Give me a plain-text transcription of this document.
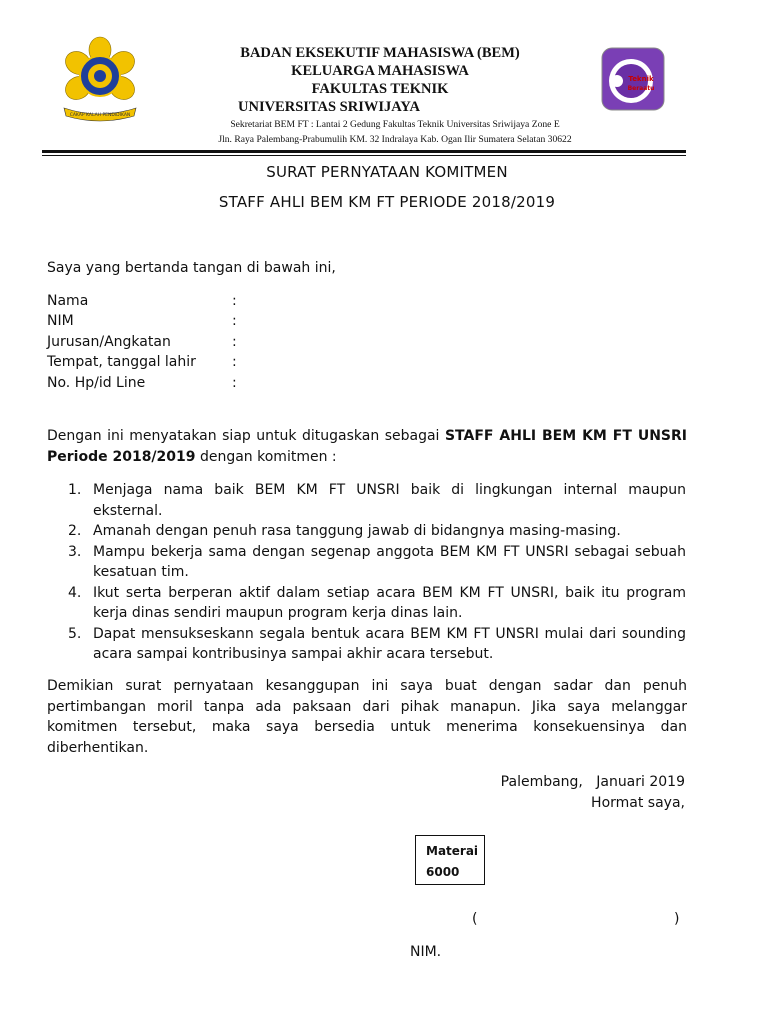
CAKAP KALAH PENDIDIKAN
Teknik
Beraatu
BADAN EKSEKUTIF MAHASISWA (BEM)
KELUARGA MAHASISWA
FAKULTAS TEKNIK
UNIVERSITAS SRIWIJAYA
Sekretariat BEM FT : Lantai 2 Gedung Fakultas Teknik Universitas Sriwijaya Zone E
Jln. Raya Palembang-Prabumulih KM. 32 Indralaya Kab. Ogan Ilir Sumatera Selatan 30622
SURAT PERNYATAAN KOMITMEN
STAFF AHLI BEM KM FT PERIODE 2018/2019
Saya yang bertanda tangan di bawah ini,
Nama	:
NIM	:
Jurusan/Angkatan	:
Tempat, tanggal lahir	:
No. Hp/id Line	:
Dengan ini menyatakan siap untuk ditugaskan sebagai STAFF AHLI BEM KM FT UNSRI Periode 2018/2019 dengan komitmen :
1. Menjaga nama baik BEM KM FT UNSRI baik di lingkungan internal maupun eksternal.
2. Amanah dengan penuh rasa tanggung jawab di bidangnya masing-masing.
3. Mampu bekerja sama dengan segenap anggota BEM KM FT UNSRI sebagai sebuah kesatuan tim.
4. Ikut serta berperan aktif dalam setiap acara BEM KM FT UNSRI, baik itu program kerja dinas sendiri maupun program kerja dinas lain.
5. Dapat mensukseskann segala bentuk acara BEM KM FT UNSRI mulai dari sounding acara sampai kontribusinya sampai akhir acara tersebut.
Demikian surat pernyataan kesanggupan ini saya buat dengan sadar dan penuh pertimbangan moril tanpa ada paksaan dari pihak manapun. Jika saya melanggar komitmen tersebut, maka saya bersedia untuk menerima konsekuensinya dan diberhentikan.
Palembang,   Januari 2019
Hormat saya,
Materai
6000
(	)
NIM.
